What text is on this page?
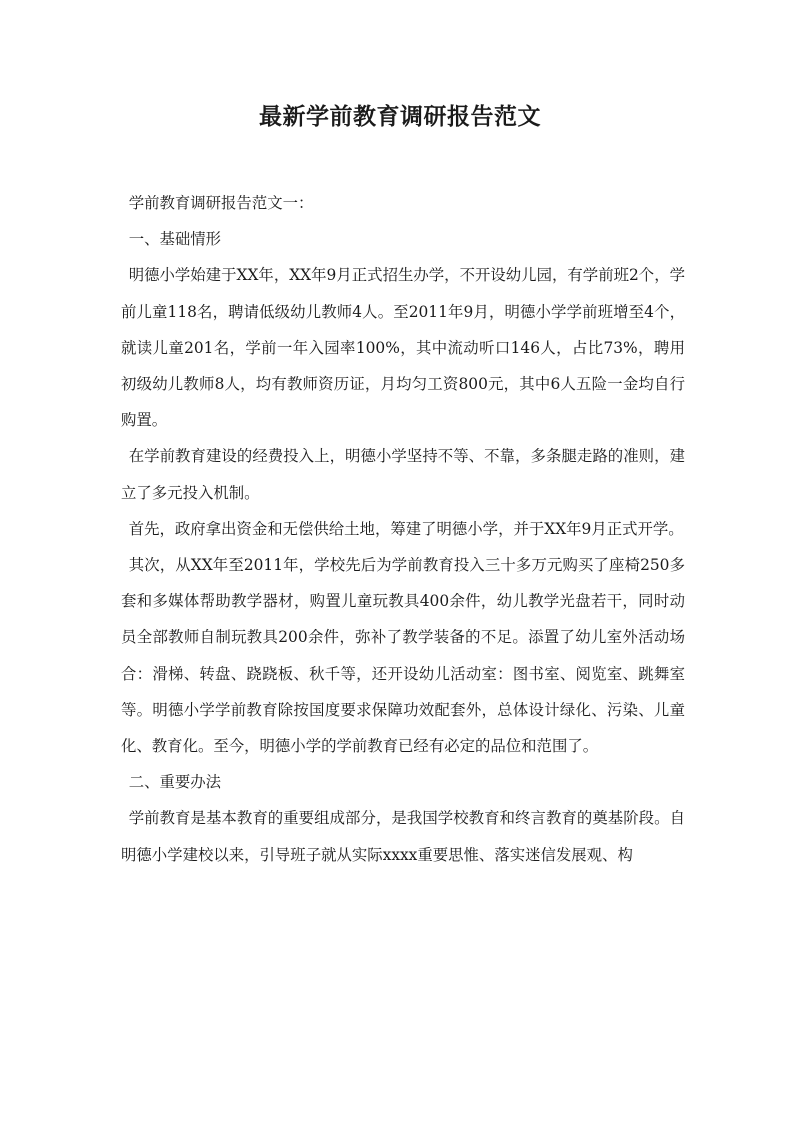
最新学前教育调研报告范文

学前教育调研报告范文一：

一、基础情形

明德小学始建于XX年，XX年9月正式招生办学，不开设幼儿园，有学前班2个，学前儿童118名，聘请低级幼儿教师4人。至2011年9月，明德小学学前班增至4个，就读儿童201名，学前一年入园率100%，其中流动听口146人，占比73%，聘用初级幼儿教师8人，均有教师资历证，月均匀工资800元，其中6人五险一金均自行购置。

在学前教育建设的经费投入上，明德小学坚持不等、不靠，多条腿走路的准则，建立了多元投入机制。

首先，政府拿出资金和无偿供给土地，筹建了明德小学，并于XX年9月正式开学。

其次，从XX年至2011年，学校先后为学前教育投入三十多万元购买了座椅250多套和多媒体帮助教学器材，购置儿童玩教具400余件，幼儿教学光盘若干，同时动员全部教师自制玩教具200余件，弥补了教学装备的不足。添置了幼儿室外活动场合：滑梯、转盘、跷跷板、秋千等，还开设幼儿活动室：图书室、阅览室、跳舞室等。明德小学学前教育除按国度要求保障功效配套外，总体设计绿化、污染、儿童化、教育化。至今，明德小学的学前教育已经有必定的品位和范围了。

二、重要办法

学前教育是基本教育的重要组成部分，是我国学校教育和终言教育的奠基阶段。自明德小学建校以来，引导班子就从实际xxxx重要思惟、落实迷信发展观、构
